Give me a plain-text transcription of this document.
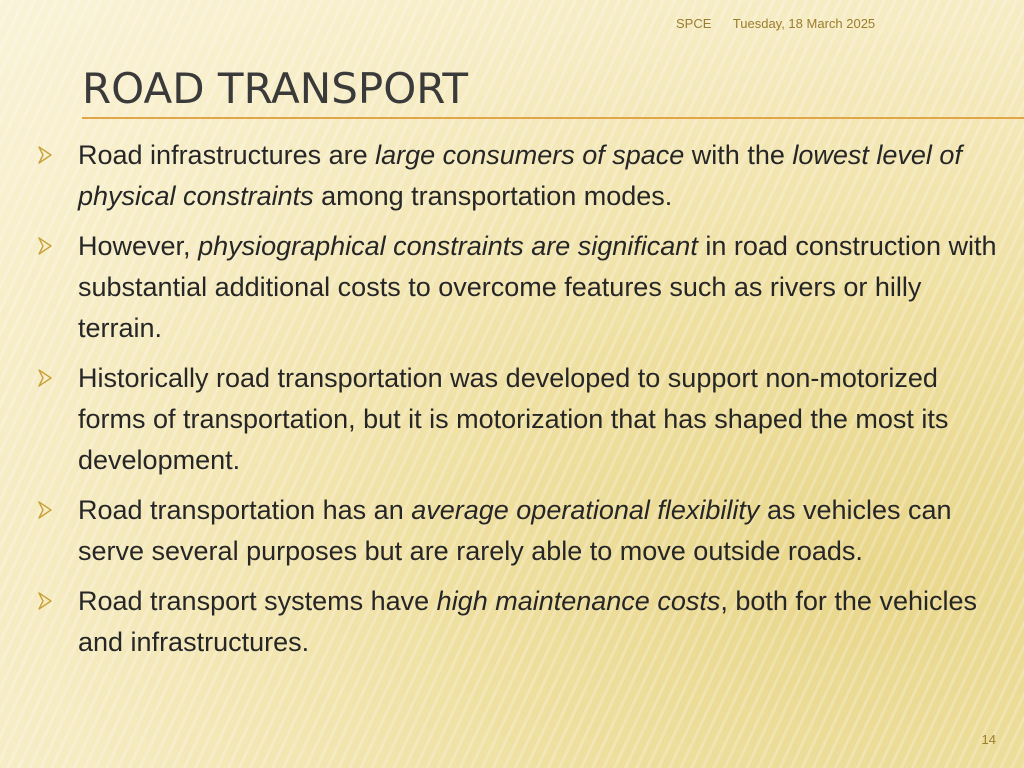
SPCE Tuesday, 18 March 2025
ROAD TRANSPORT
Road infrastructures are large consumers of space with the lowest level of physical constraints among transportation modes.
However, physiographical constraints are significant in road construction with substantial additional costs to overcome features such as rivers or hilly terrain.
Historically road transportation was developed to support non-motorized forms of transportation, but it is motorization that has shaped the most its development.
Road transportation has an average operational flexibility as vehicles can serve several purposes but are rarely able to move outside roads.
Road transport systems have high maintenance costs, both for the vehicles and infrastructures.
14
